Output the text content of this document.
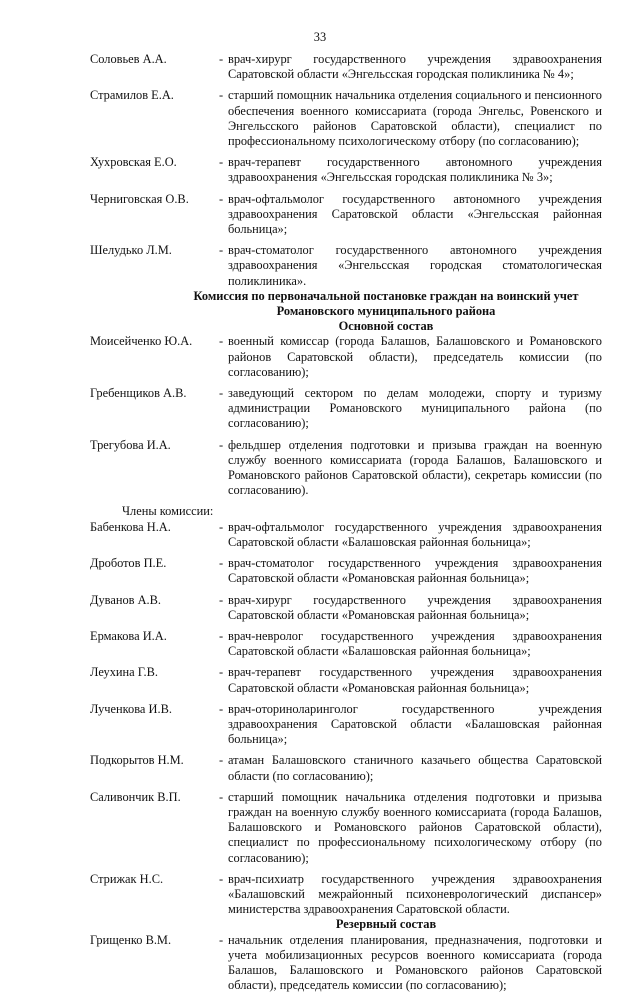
33
Соловьев А.А.	- врач-хирург государственного учреждения здравоохранения Саратовской области «Энгельсская городская поликлиника № 4»;
Страмилов Е.А.	- старший помощник начальника отделения социального и пенсионного обеспечения военного комиссариата (города Энгельс, Ровенского и Энгельсского районов Саратовской области), специалист по профессиональному психологическому отбору (по согласованию);
Хухровская Е.О.	- врач-терапевт государственного автономного учреждения здравоохранения «Энгельсская городская поликлиника № 3»;
Черниговская О.В.	- врач-офтальмолог государственного автономного учреждения здравоохранения Саратовской области «Энгельсская районная больница»;
Шелудько Л.М.	- врач-стоматолог государственного автономного учреждения здравоохранения «Энгельсская городская стоматологическая поликлиника».
Комиссия по первоначальной постановке граждан на воинский учет
Романовского муниципального района
Основной состав
Моисейченко Ю.А.	- военный комиссар (города Балашов, Балашовского и Романовского районов Саратовской области), председатель комиссии (по согласованию);
Гребенщиков А.В.	- заведующий сектором по делам молодежи, спорту и туризму администрации Романовского муниципального района (по согласованию);
Трегубова И.А.	- фельдшер отделения подготовки и призыва граждан на военную службу военного комиссариата (города Балашов, Балашовского и Романовского районов Саратовской области), секретарь комиссии (по согласованию).
Члены комиссии:
Бабенкова Н.А.	- врач-офтальмолог государственного учреждения здравоохранения Саратовской области «Балашовская районная больница»;
Дроботов П.Е.	- врач-стоматолог государственного учреждения здравоохранения Саратовской области «Романовская районная больница»;
Дуванов А.В.	- врач-хирург государственного учреждения здравоохранения Саратовской области «Романовская районная больница»;
Ермакова И.А.	- врач-невролог государственного учреждения здравоохранения Саратовской области «Балашовская районная больница»;
Леухина Г.В.	- врач-терапевт государственного учреждения здравоохранения Саратовской области «Романовская районная больница»;
Лученкова И.В.	- врач-оториноларинголог государственного учреждения здравоохранения Саратовской области «Балашовская районная больница»;
Подкорытов Н.М.	- атаман Балашовского станичного казачьего общества Саратовской области (по согласованию);
Саливончик В.П.	- старший помощник начальника отделения подготовки и призыва граждан на военную службу военного комиссариата (города Балашов, Балашовского и Романовского районов Саратовской области), специалист по профессиональному психологическому отбору (по согласованию);
Стрижак Н.С.	- врач-психиатр государственного учреждения здравоохранения «Балашовский межрайонный психоневрологический диспансер» министерства здравоохранения Саратовской области.
Резервный состав
Грищенко В.М.	- начальник отделения планирования, предназначения, подготовки и учета мобилизационных ресурсов военного комиссариата (города Балашов, Балашовского и Романовского районов Саратовской области), председатель комиссии (по согласованию);
